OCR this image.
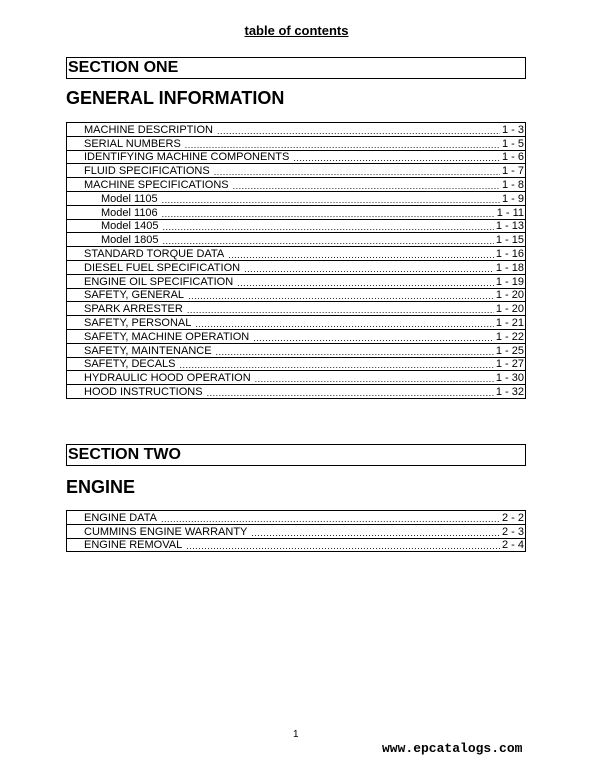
table of contents
SECTION ONE
GENERAL INFORMATION
MACHINE DESCRIPTION .....	1 - 3
SERIAL NUMBERS .....	1 - 5
IDENTIFYING MACHINE COMPONENTS .....	1 - 6
FLUID SPECIFICATIONS .....	1 - 7
MACHINE SPECIFICATIONS .....	1 - 8
Model 1105 .....	1 - 9
Model 1106 .....	1 - 11
Model 1405 .....	1 - 13
Model 1805 .....	1 - 15
STANDARD TORQUE DATA .....	1 - 16
DIESEL FUEL SPECIFICATION .....	1 - 18
ENGINE OIL SPECIFICATION .....	1 - 19
SAFETY, GENERAL .....	1 - 20
SPARK ARRESTER .....	1 - 20
SAFETY, PERSONAL .....	1 - 21
SAFETY, MACHINE OPERATION .....	1 - 22
SAFETY, MAINTENANCE .....	1 - 25
SAFETY, DECALS .....	1 - 27
HYDRAULIC HOOD OPERATION .....	1 - 30
HOOD INSTRUCTIONS .....	1 - 32
SECTION TWO
ENGINE
ENGINE DATA .....	2 - 2
CUMMINS ENGINE WARRANTY .....	2 - 3
ENGINE REMOVAL .....	2 - 4
1
www.epcatalogs.com
